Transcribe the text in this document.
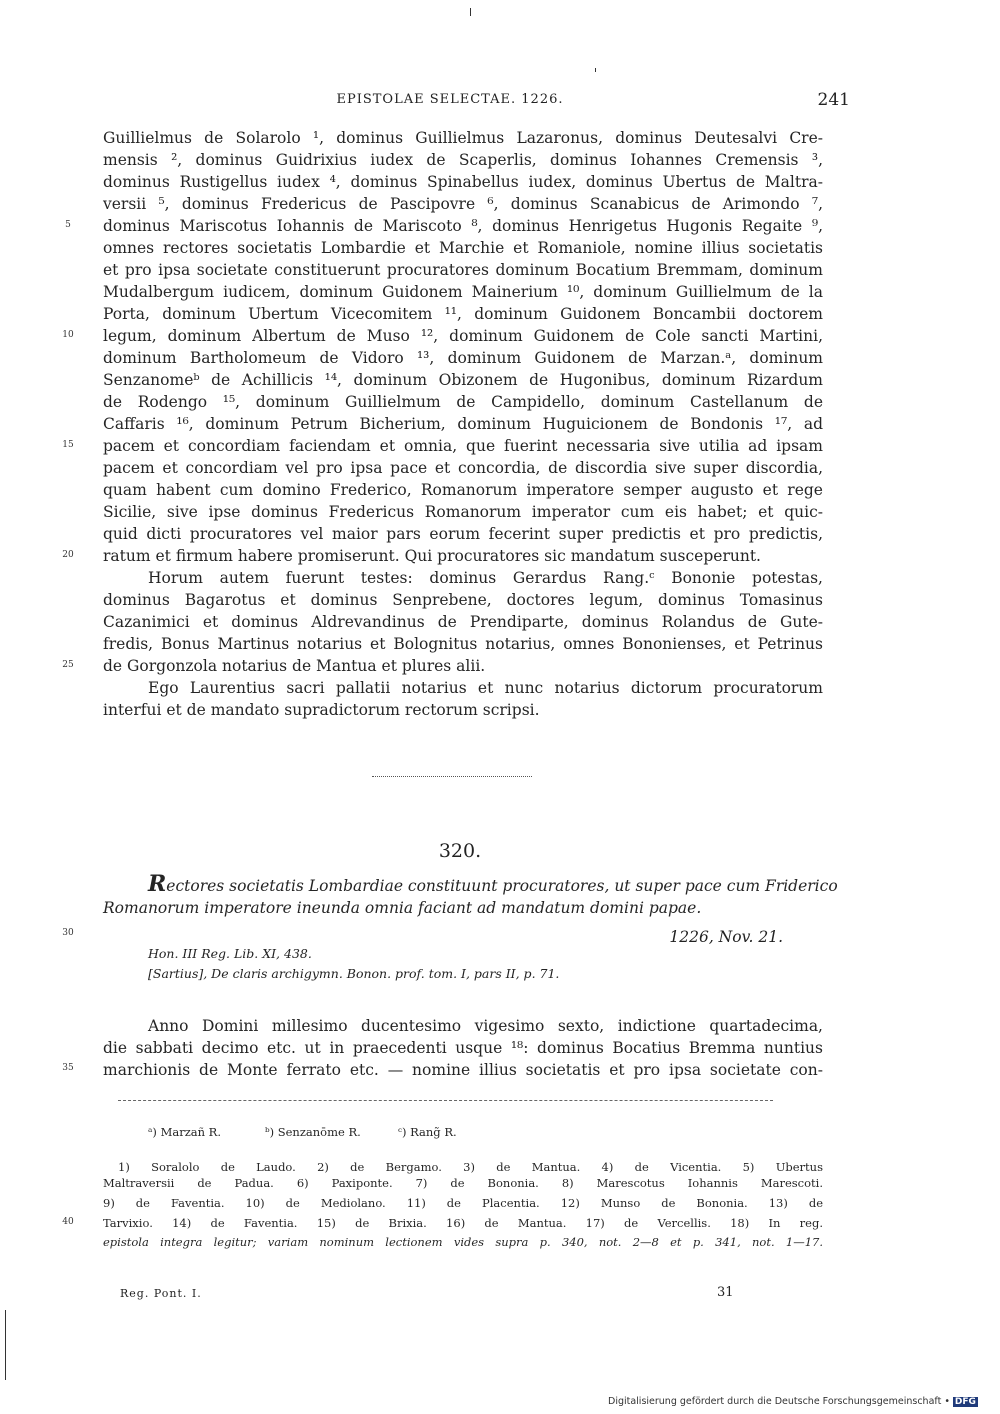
EPISTOLAE SELECTAE. 1226.	241
Guillielmus de Solarolo ¹, dominus Guillielmus Lazaronus, dominus Deutesalvi Cre-
mensis ², dominus Guidrixius iudex de Scaperlis, dominus Iohannes Cremensis ³,
dominus Rustigellus iudex ⁴, dominus Spinabellus iudex, dominus Ubertus de Maltra-
versii ⁵, dominus Fredericus de Pascipovre ⁶, dominus Scanabicus de Arimondo ⁷,
dominus Mariscotus Iohannis de Mariscoto ⁸, dominus Henrigetus Hugonis Regaite ⁹,
omnes rectores societatis Lombardie et Marchie et Romaniole, nomine illius societatis
et pro ipsa societate constituerunt procuratores dominum Bocatium Bremmam, dominum
Mudalbergum iudicem, dominum Guidonem Mainerium ¹⁰, dominum Guillielmum de la
Porta, dominum Ubertum Vicecomitem ¹¹, dominum Guidonem Boncambii doctorem
legum, dominum Albertum de Muso ¹², dominum Guidonem de Cole sancti Martini,
dominum Bartholomeum de Vidoro ¹³, dominum Guidonem de Marzan.ᵃ, dominum
Senzanomeᵇ de Achillicis ¹⁴, dominum Obizonem de Hugonibus, dominum Rizardum
de Rodengo ¹⁵, dominum Guillielmum de Campidello, dominum Castellanum de
Caffaris ¹⁶, dominum Petrum Bicherium, dominum Huguicionem de Bondonis ¹⁷, ad
pacem et concordiam faciendam et omnia, que fuerint necessaria sive utilia ad ipsam
pacem et concordiam vel pro ipsa pace et concordia, de discordia sive super discordia,
quam habent cum domino Frederico, Romanorum imperatore semper augusto et rege
Sicilie, sive ipse dominus Fredericus Romanorum imperator cum eis habet; et quic-
quid dicti procuratores vel maior pars eorum fecerint super predictis et pro predictis,
ratum et firmum habere promiserunt. Qui procuratores sic mandatum susceperunt.
Horum autem fuerunt testes: dominus Gerardus Rang.ᶜ Bononie potestas,
dominus Bagarotus et dominus Senprebene, doctores legum, dominus Tomasinus
Cazanimici et dominus Aldrevandinus de Prendiparte, dominus Rolandus de Gute-
fredis, Bonus Martinus notarius et Bolognitus notarius, omnes Bononienses, et Petrinus
de Gorgonzola notarius de Mantua et plures alii.
Ego Laurentius sacri pallatii notarius et nunc notarius dictorum procuratorum
interfui et de mandato supradictorum rectorum scripsi.
5
10
15
20
25
30
35
40
320.
Rectores societatis Lombardiae constituunt procuratores, ut super pace cum Friderico
Romanorum imperatore ineunda omnia faciant ad mandatum domini papae.
1226, Nov. 21.
Hon. III Reg. Lib. XI, 438.
[Sartius], De claris archigymn. Bonon. prof. tom. I, pars II, p. 71.
Anno Domini millesimo ducentesimo vigesimo sexto, indictione quartadecima,
die sabbati decimo etc. ut in praecedenti usque ¹⁸: dominus Bocatius Bremma nuntius
marchionis de Monte ferrato etc. — nomine illius societatis et pro ipsa societate con-
ᵃ) Marzañ R.	ᵇ) Senzanōme R.	ᶜ) Rang̃ R.
1) Soralolo de Laudo. 2) de Bergamo. 3) de Mantua. 4) de Vicentia. 5) Ubertus
Maltraversii de Padua. 6) Paxiponte. 7) de Bononia. 8) Marescotus Iohannis Marescoti.
9) de Faventia. 10) de Mediolano. 11) de Placentia. 12) Munso de Bononia. 13) de
Tarvixio. 14) de Faventia. 15) de Brixia. 16) de Mantua. 17) de Vercellis. 18) In reg.
epistola integra legitur; variam nominum lectionem vides supra p. 340, not. 2—8 et p. 341, not. 1—17.
Reg. Pont. I.	31
Digitalisierung gefördert durch die Deutsche Forschungsgemeinschaft • DFG
